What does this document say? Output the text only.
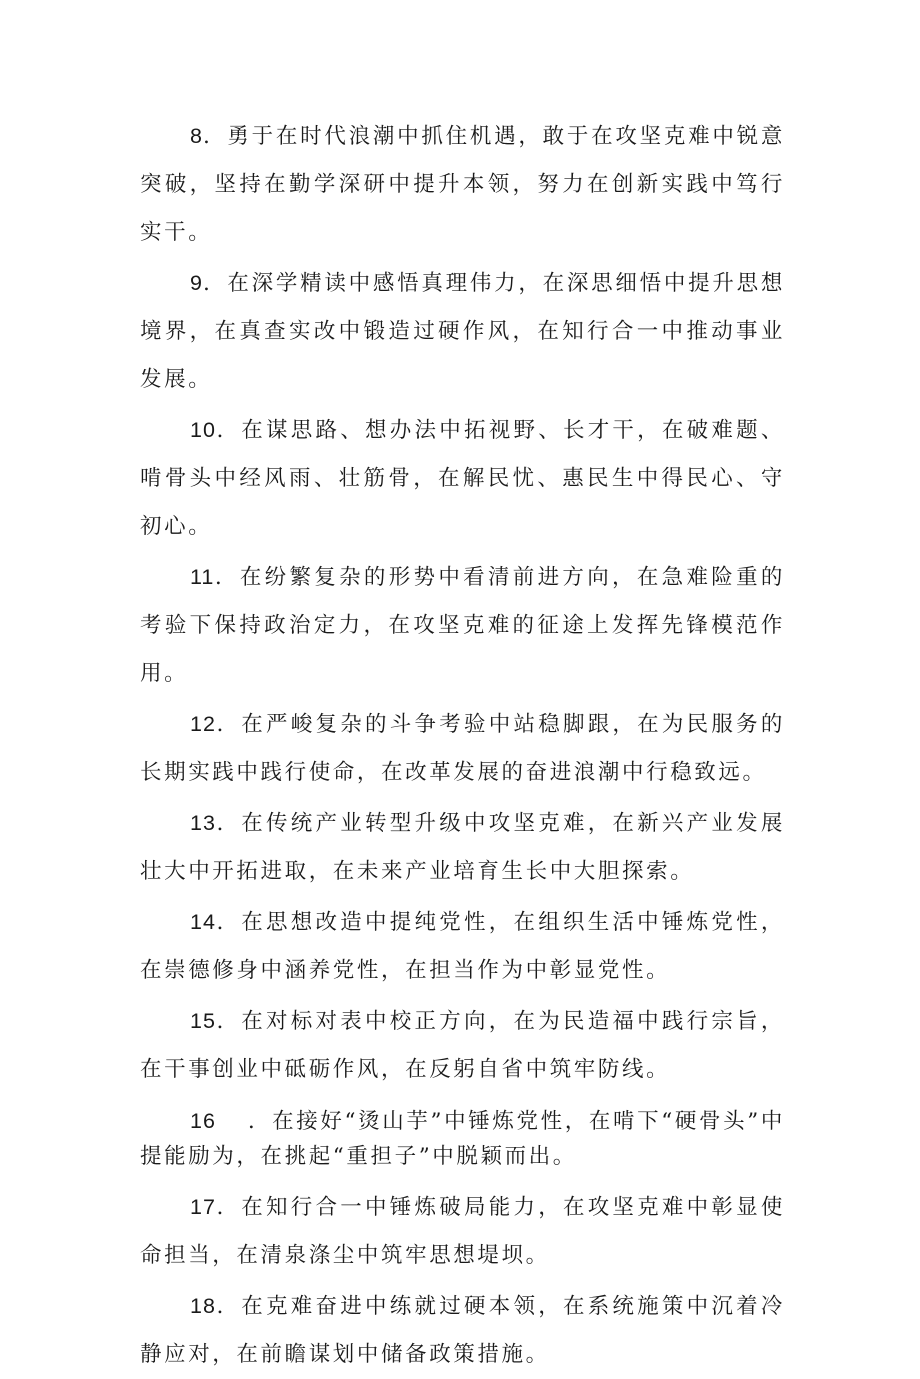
8．勇于在时代浪潮中抓住机遇，敢于在攻坚克难中锐意突破，坚持在勤学深研中提升本领，努力在创新实践中笃行实干。

9．在深学精读中感悟真理伟力，在深思细悟中提升思想境界，在真查实改中锻造过硬作风，在知行合一中推动事业发展。

10．在谋思路、想办法中拓视野、长才干，在破难题、啃骨头中经风雨、壮筋骨，在解民忧、惠民生中得民心、守初心。

11．在纷繁复杂的形势中看清前进方向，在急难险重的考验下保持政治定力，在攻坚克难的征途上发挥先锋模范作用。

12．在严峻复杂的斗争考验中站稳脚跟，在为民服务的长期实践中践行使命，在改革发展的奋进浪潮中行稳致远。

13．在传统产业转型升级中攻坚克难，在新兴产业发展壮大中开拓进取，在未来产业培育生长中大胆探索。

14．在思想改造中提纯党性，在组织生活中锤炼党性，在崇德修身中涵养党性，在担当作为中彰显党性。

15．在对标对表中校正方向，在为民造福中践行宗旨，在干事创业中砥砺作风，在反躬自省中筑牢防线。

16 ．在接好“烫山芋”中锤炼党性，在啃下“硬骨头”中提能励为，在挑起“重担子”中脱颖而出。

17．在知行合一中锤炼破局能力，在攻坚克难中彰显使命担当，在清泉涤尘中筑牢思想堤坝。

18．在克难奋进中练就过硬本领，在系统施策中沉着冷静应对，在前瞻谋划中储备政策措施。
